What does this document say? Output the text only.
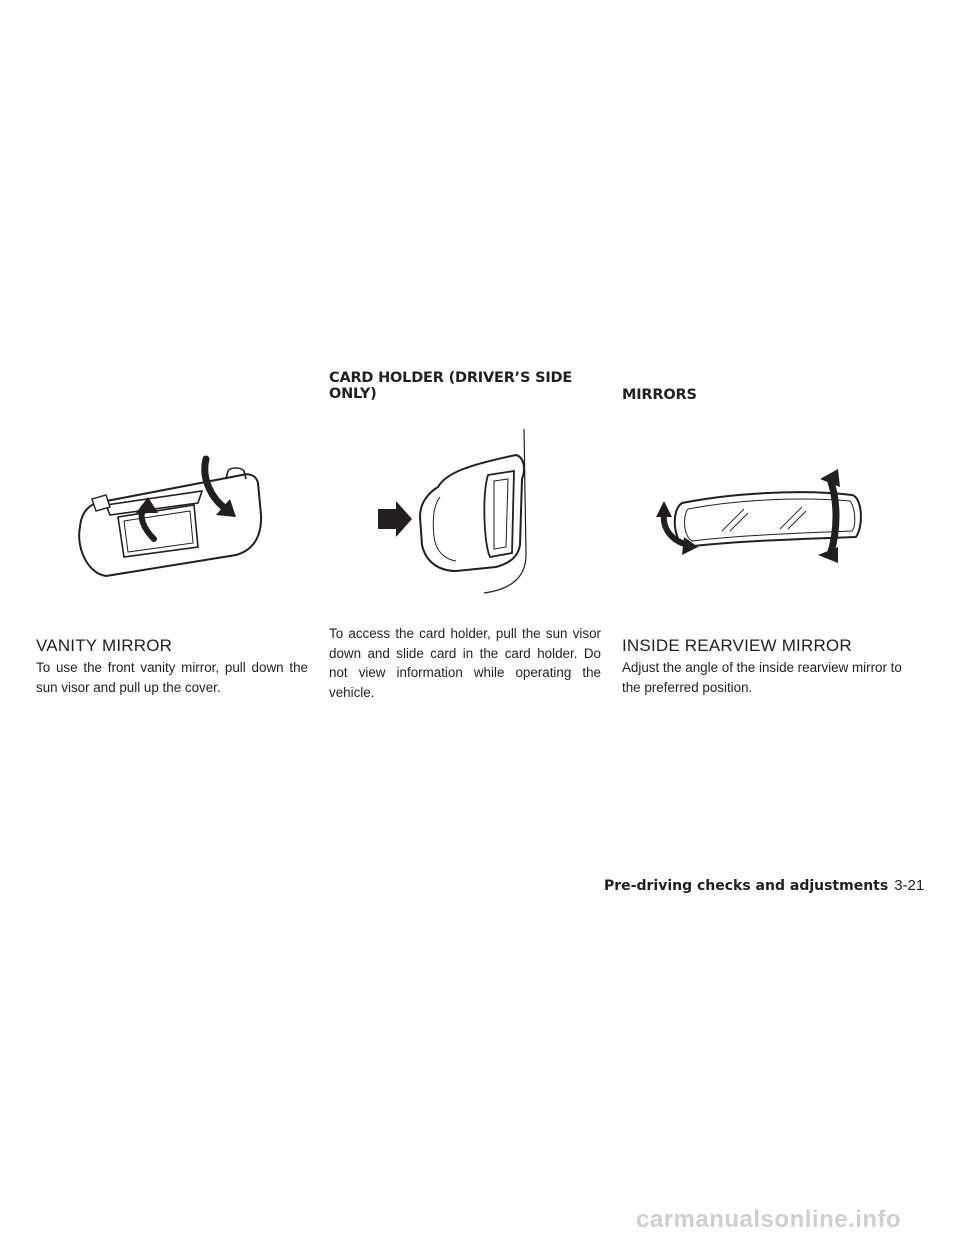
VANITY MIRROR

To use the front vanity mirror, pull down the sun visor and pull up the cover.

CARD HOLDER (DRIVER’S SIDE
ONLY)

To access the card holder, pull the sun visor down and slide card in the card holder. Do not view information while operating the vehicle.

MIRRORS
INSIDE REARVIEW MIRROR

Adjust the angle of the inside rearview mirror to the preferred position.

Pre-driving checks and adjustments 3-21
carmanualsonline.info
